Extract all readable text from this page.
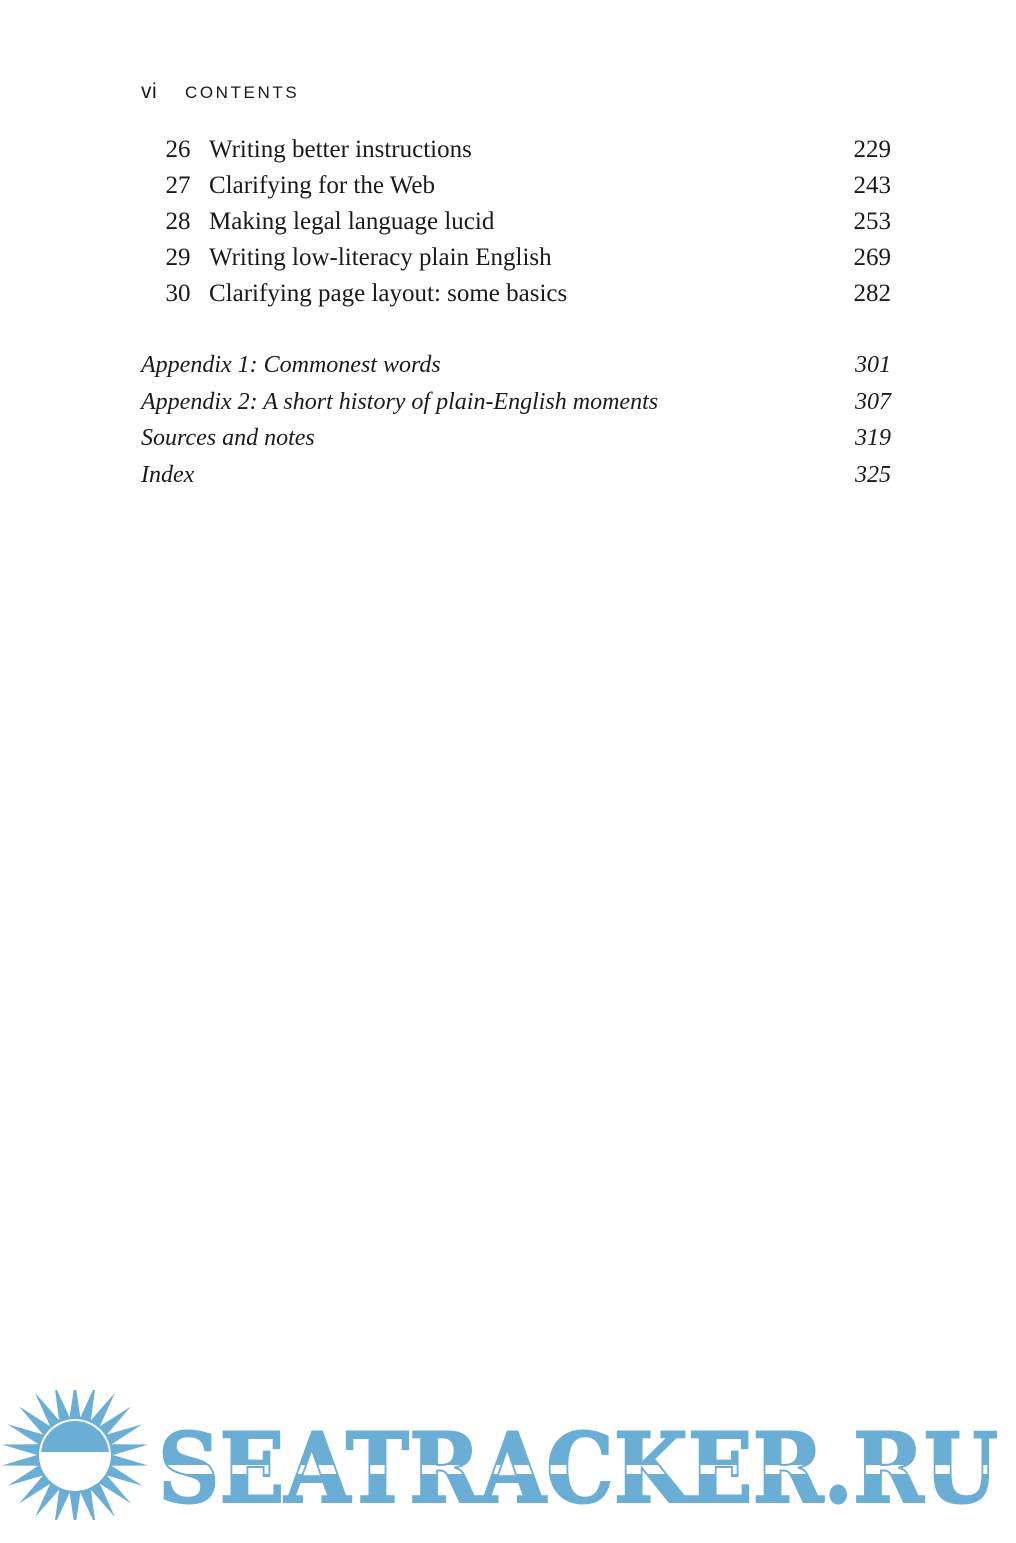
vi CONTENTS
26 Writing better instructions	229
27 Clarifying for the Web	243
28 Making legal language lucid	253
29 Writing low-literacy plain English	269
30 Clarifying page layout: some basics	282
Appendix 1: Commonest words	301
Appendix 2: A short history of plain-English moments	307
Sources and notes	319
Index	325
SEATRACKER.RU
